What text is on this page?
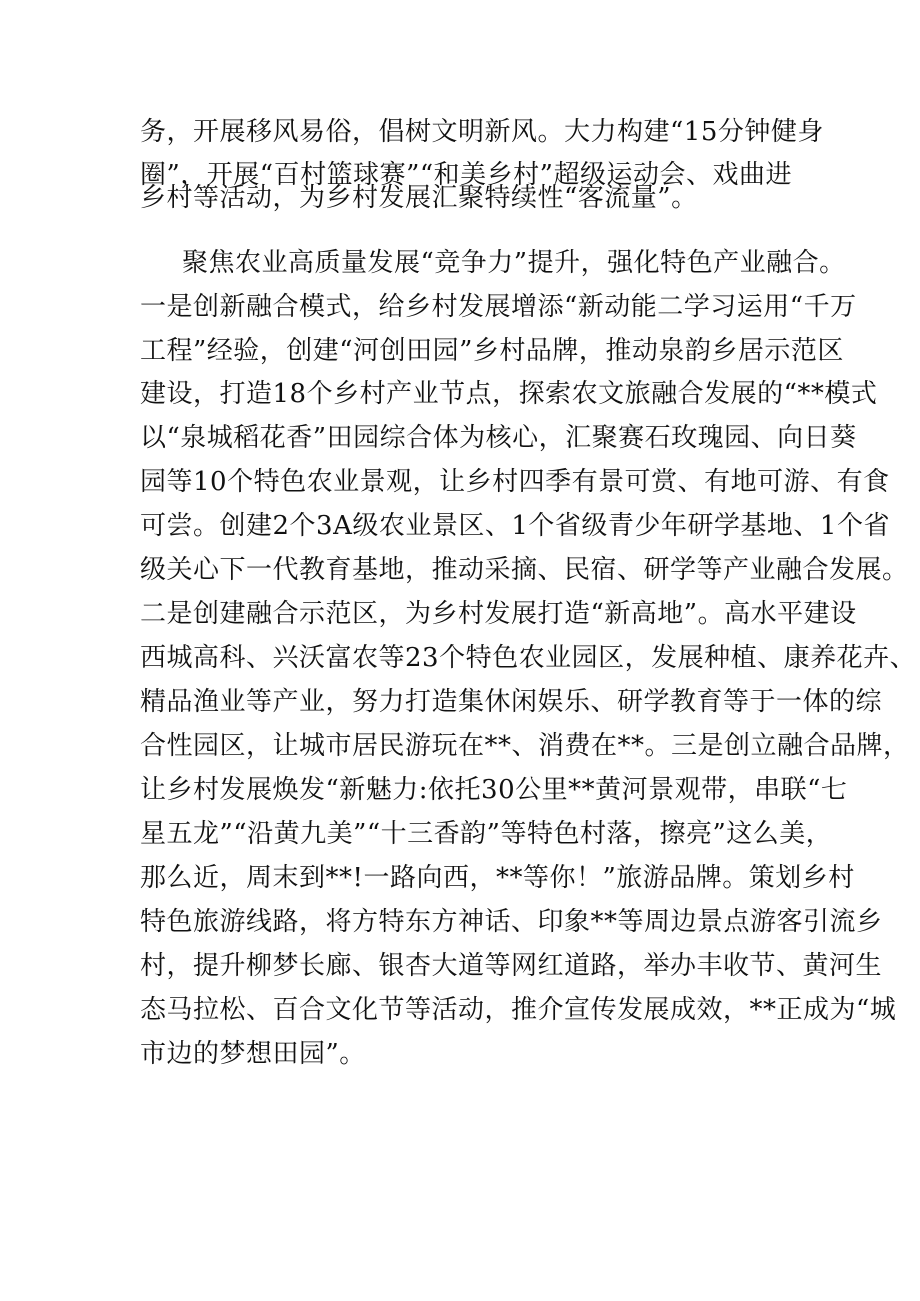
务，开展移风易俗，倡树文明新风。大力构建“15分钟健身
圈”，开展“百村篮球赛”“和美乡村”超级运动会、戏曲进
乡村等活动，为乡村发展汇聚特续性“客流量”。
聚焦农业高质量发展“竞争力”提升，强化特色产业融合。
一是创新融合模式，给乡村发展增添“新动能二学习运用“千万
工程”经验，创建“河创田园”乡村品牌，推动泉韵乡居示范区
建设，打造18个乡村产业节点，探索农文旅融合发展的“**模式
以“泉城稻花香”田园综合体为核心，汇聚赛石玫瑰园、向日葵
园等10个特色农业景观，让乡村四季有景可赏、有地可游、有食
可尝。创建2个3A级农业景区、1个省级青少年研学基地、1个省
级关心下一代教育基地，推动采摘、民宿、研学等产业融合发展。
二是创建融合示范区，为乡村发展打造“新高地”。高水平建设
西城高科、兴沃富农等23个特色农业园区，发展种植、康养花卉、
精品渔业等产业，努力打造集休闲娱乐、研学教育等于一体的综
合性园区，让城市居民游玩在**、消费在**。三是创立融合品牌，
让乡村发展焕发“新魅力:依托30公里**黄河景观带，串联“七
星五龙”“沿黄九美”“十三香韵”等特色村落，擦亮”这么美，
那么近，周末到**!一路向西，**等你！”旅游品牌。策划乡村
特色旅游线路，将方特东方神话、印象**等周边景点游客引流乡
村，提升柳梦长廊、银杏大道等网红道路，举办丰收节、黄河生
态马拉松、百合文化节等活动，推介宣传发展成效，**正成为“城
市边的梦想田园”。
